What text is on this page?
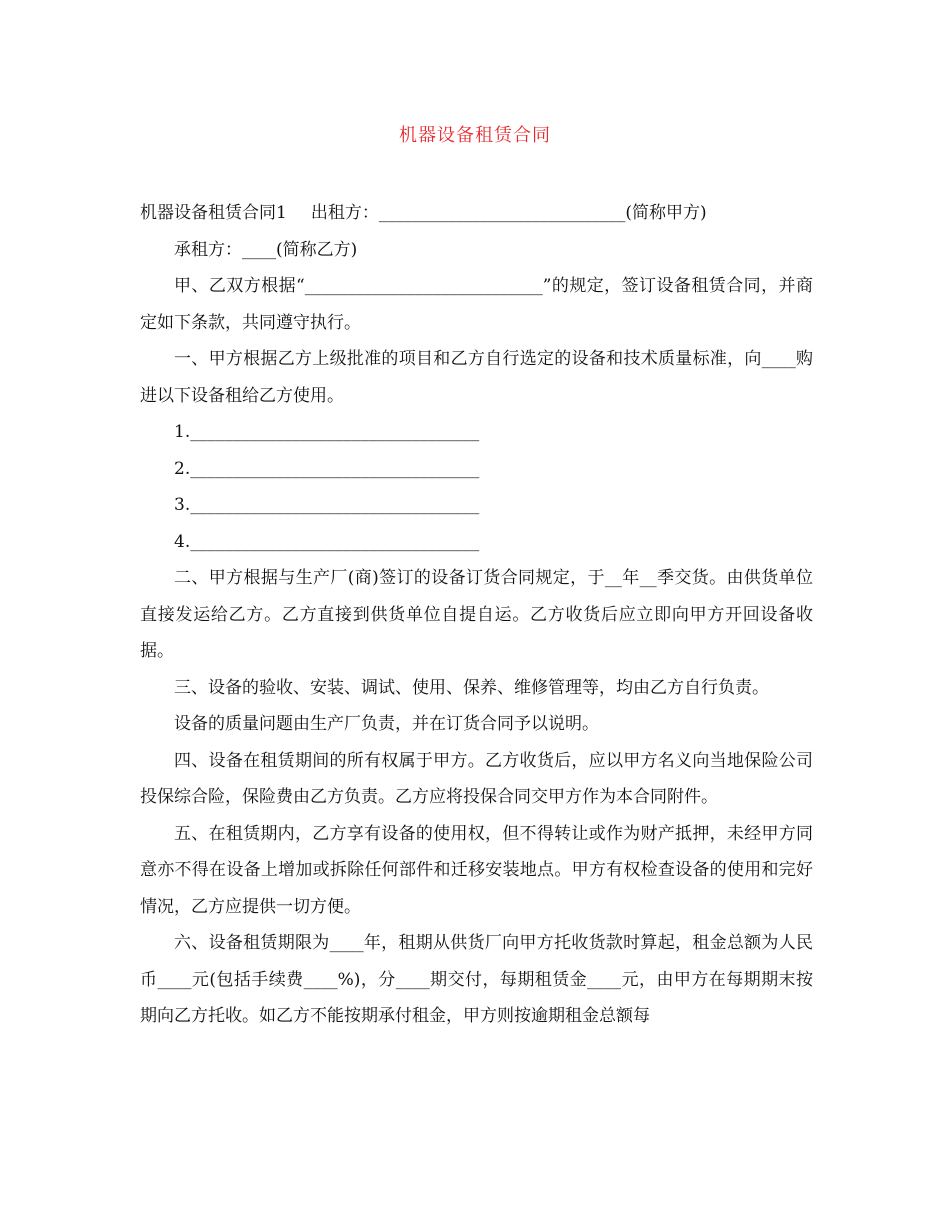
机器设备租赁合同

机器设备租赁合同1 出租方：_____________________________(简称甲方)

承租方：____(简称乙方)

甲、乙双方根据“____________________________”的规定，签订设备租赁合同，并商定如下条款，共同遵守执行。

一、甲方根据乙方上级批准的项目和乙方自行选定的设备和技术质量标准，向____购进以下设备租给乙方使用。

1.__________________________________

2.__________________________________

3.__________________________________

4.__________________________________

二、甲方根据与生产厂(商)签订的设备订货合同规定，于__年__季交货。由供货单位直接发运给乙方。乙方直接到供货单位自提自运。乙方收货后应立即向甲方开回设备收据。

三、设备的验收、安装、调试、使用、保养、维修管理等，均由乙方自行负责。

设备的质量问题由生产厂负责，并在订货合同予以说明。

四、设备在租赁期间的所有权属于甲方。乙方收货后，应以甲方名义向当地保险公司投保综合险，保险费由乙方负责。乙方应将投保合同交甲方作为本合同附件。

五、在租赁期内，乙方享有设备的使用权，但不得转让或作为财产抵押，未经甲方同意亦不得在设备上增加或拆除任何部件和迁移安装地点。甲方有权检查设备的使用和完好情况，乙方应提供一切方便。

六、设备租赁期限为____年，租期从供货厂向甲方托收货款时算起，租金总额为人民币____元(包括手续费____%)，分____期交付，每期租赁金____元，由甲方在每期期末按期向乙方托收。如乙方不能按期承付租金，甲方则按逾期租金总额每
